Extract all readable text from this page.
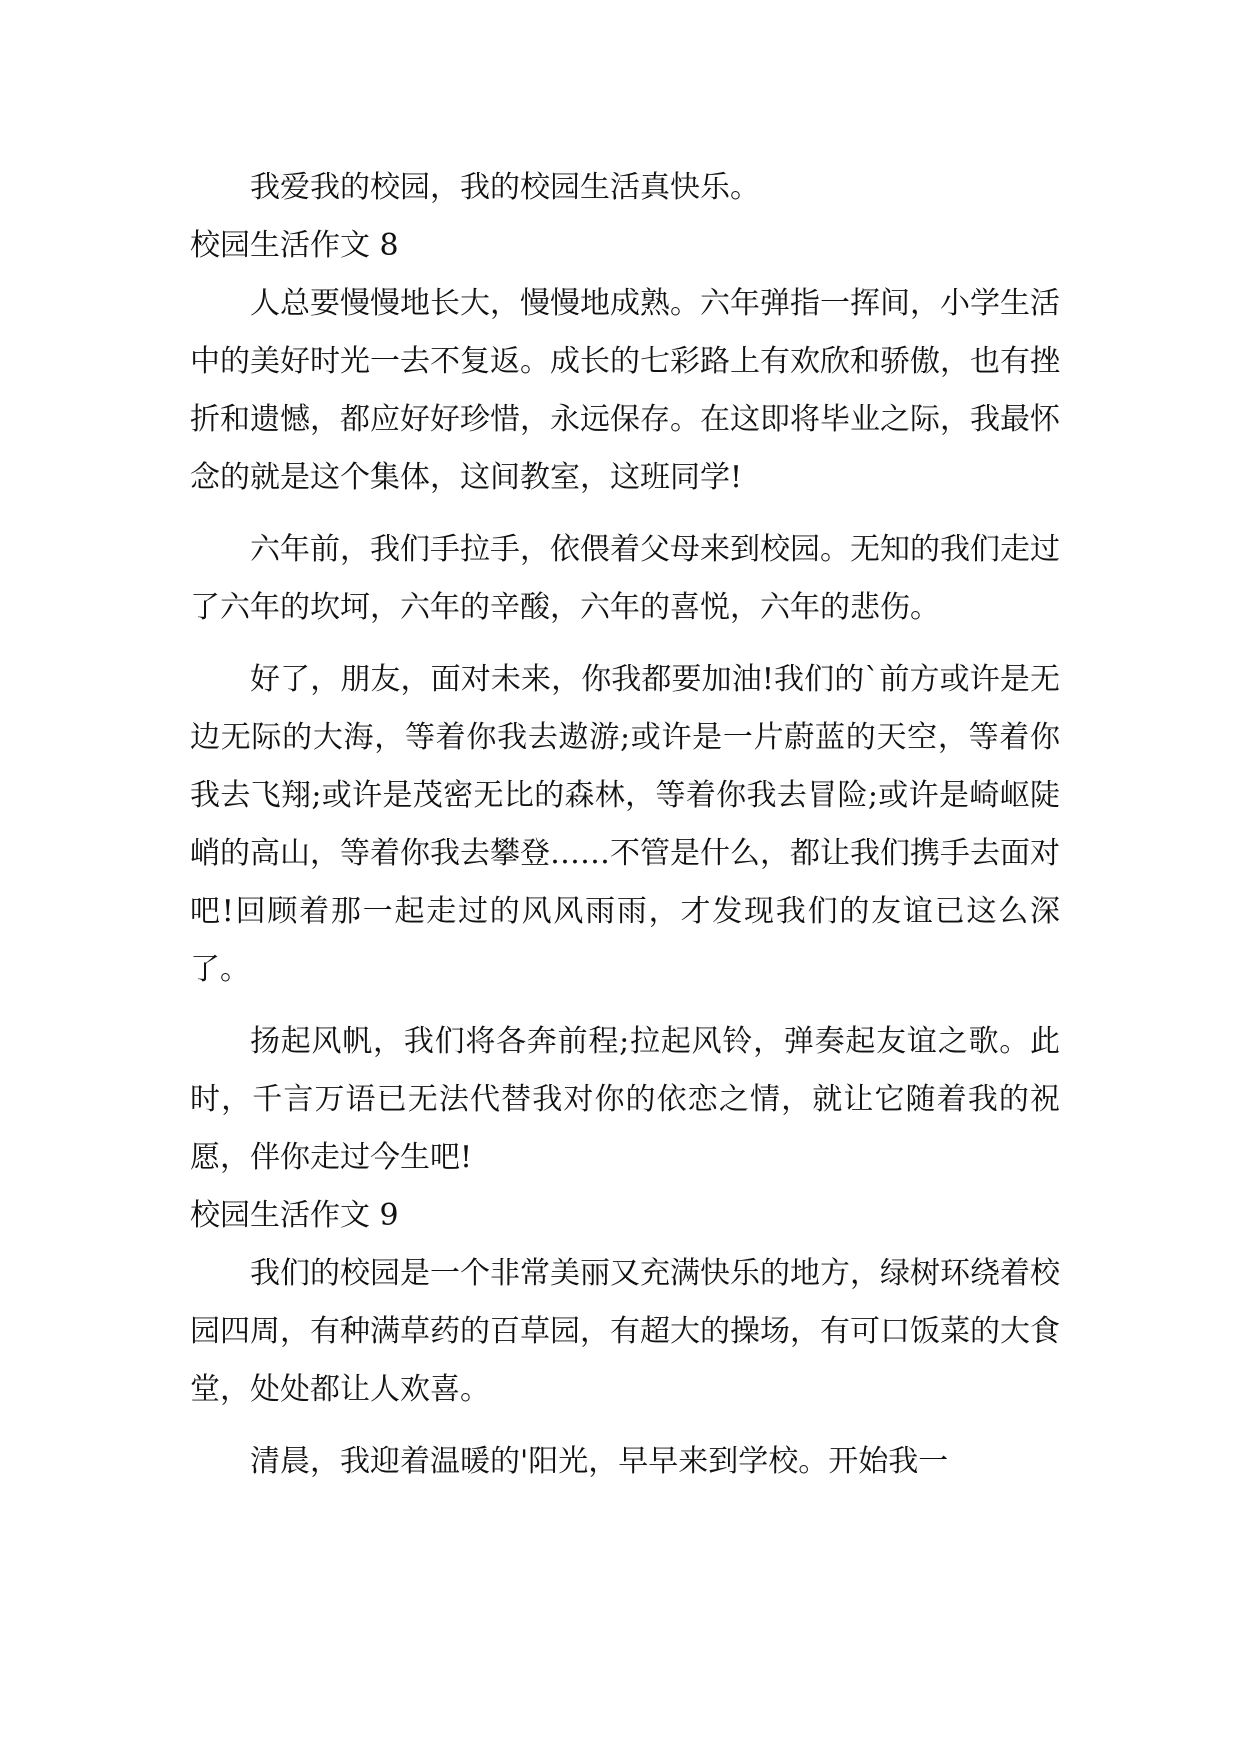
我爱我的校园，我的校园生活真快乐。

校园生活作文 8

人总要慢慢地长大，慢慢地成熟。六年弹指一挥间，小学生活中的美好时光一去不复返。成长的七彩路上有欢欣和骄傲，也有挫折和遗憾，都应好好珍惜，永远保存。在这即将毕业之际，我最怀念的就是这个集体，这间教室，这班同学!

六年前，我们手拉手，依偎着父母来到校园。无知的我们走过了六年的坎坷，六年的辛酸，六年的喜悦，六年的悲伤。

好了，朋友，面对未来，你我都要加油!我们的`前方或许是无边无际的大海，等着你我去遨游;或许是一片蔚蓝的天空，等着你我去飞翔;或许是茂密无比的森林，等着你我去冒险;或许是崎岖陡峭的高山，等着你我去攀登……不管是什么，都让我们携手去面对吧!回顾着那一起走过的风风雨雨，才发现我们的友谊已这么深了。

扬起风帆，我们将各奔前程;拉起风铃，弹奏起友谊之歌。此时，千言万语已无法代替我对你的依恋之情，就让它随着我的祝愿，伴你走过今生吧!

校园生活作文 9

我们的校园是一个非常美丽又充满快乐的地方，绿树环绕着校园四周，有种满草药的百草园，有超大的操场，有可口饭菜的大食堂，处处都让人欢喜。

清晨，我迎着温暖的'阳光，早早来到学校。开始我一
